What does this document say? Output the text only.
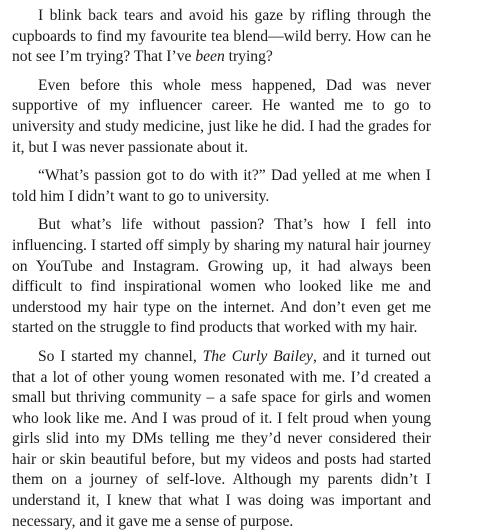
I blink back tears and avoid his gaze by rifling through the cupboards to find my favourite tea blend—wild berry. How can he not see I’m trying? That I’ve been trying?

Even before this whole mess happened, Dad was never supportive of my influencer career. He wanted me to go to university and study medicine, just like he did. I had the grades for it, but I was never passionate about it.

“What’s passion got to do with it?” Dad yelled at me when I told him I didn’t want to go to university.

But what’s life without passion? That’s how I fell into influencing. I started off simply by sharing my natural hair journey on YouTube and Instagram. Growing up, it had always been difficult to find inspirational women who looked like me and understood my hair type on the internet. And don’t even get me started on the struggle to find products that worked with my hair.

So I started my channel, The Curly Bailey, and it turned out that a lot of other young women resonated with me. I’d created a small but thriving community – a safe space for girls and women who look like me. And I was proud of it. I felt proud when young girls slid into my DMs telling me they’d never considered their hair or skin beautiful before, but my videos and posts had started them on a journey of self-love. Although my parents didn’t I understand it, I knew that what I was doing was important and necessary, and it gave me a sense of purpose.
